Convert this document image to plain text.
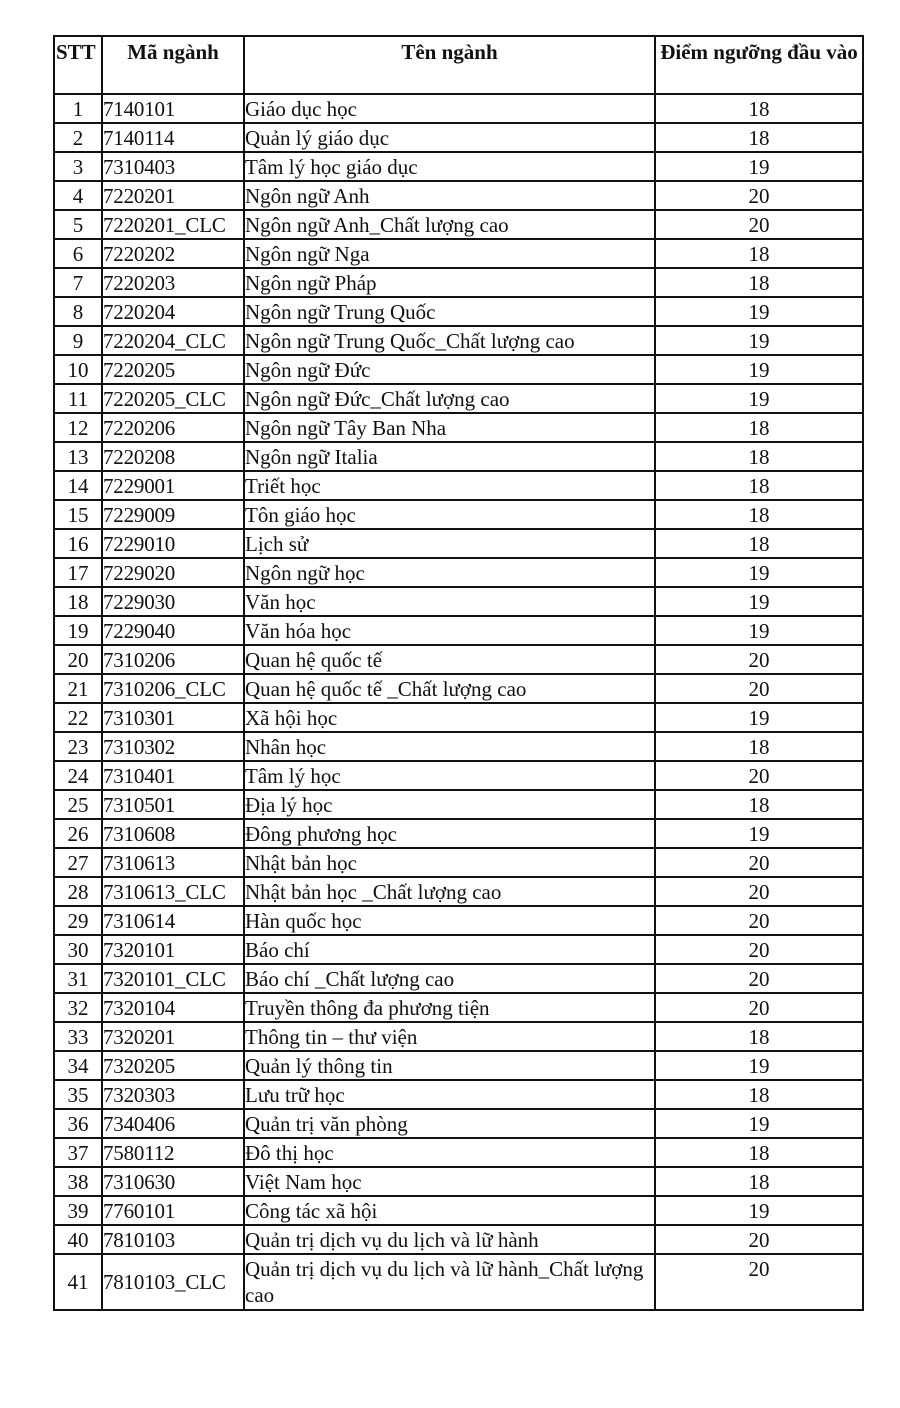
STT	Mã ngành	Tên ngành	Điểm ngưỡng đầu vào
1	7140101	Giáo dục học	18
2	7140114	Quản lý giáo dục	18
3	7310403	Tâm lý học giáo dục	19
4	7220201	Ngôn ngữ Anh	20
5	7220201_CLC	Ngôn ngữ Anh_Chất lượng cao	20
6	7220202	Ngôn ngữ Nga	18
7	7220203	Ngôn ngữ Pháp	18
8	7220204	Ngôn ngữ Trung Quốc	19
9	7220204_CLC	Ngôn ngữ Trung Quốc_Chất lượng cao	19
10	7220205	Ngôn ngữ Đức	19
11	7220205_CLC	Ngôn ngữ Đức_Chất lượng cao	19
12	7220206	Ngôn ngữ Tây Ban Nha	18
13	7220208	Ngôn ngữ Italia	18
14	7229001	Triết học	18
15	7229009	Tôn giáo học	18
16	7229010	Lịch sử	18
17	7229020	Ngôn ngữ học	19
18	7229030	Văn học	19
19	7229040	Văn hóa học	19
20	7310206	Quan hệ quốc tế	20
21	7310206_CLC	Quan hệ quốc tế _Chất lượng cao	20
22	7310301	Xã hội học	19
23	7310302	Nhân học	18
24	7310401	Tâm lý học	20
25	7310501	Địa lý học	18
26	7310608	Đông phương học	19
27	7310613	Nhật bản học	20
28	7310613_CLC	Nhật bản học _Chất lượng cao	20
29	7310614	Hàn quốc học	20
30	7320101	Báo chí	20
31	7320101_CLC	Báo chí _Chất lượng cao	20
32	7320104	Truyền thông đa phương tiện	20
33	7320201	Thông tin – thư viện	18
34	7320205	Quản lý thông tin	19
35	7320303	Lưu trữ học	18
36	7340406	Quản trị văn phòng	19
37	7580112	Đô thị học	18
38	7310630	Việt Nam học	18
39	7760101	Công tác xã hội	19
40	7810103	Quản trị dịch vụ du lịch và lữ hành	20
41	7810103_CLC	Quản trị dịch vụ du lịch và lữ hành_Chất lượng cao	20
